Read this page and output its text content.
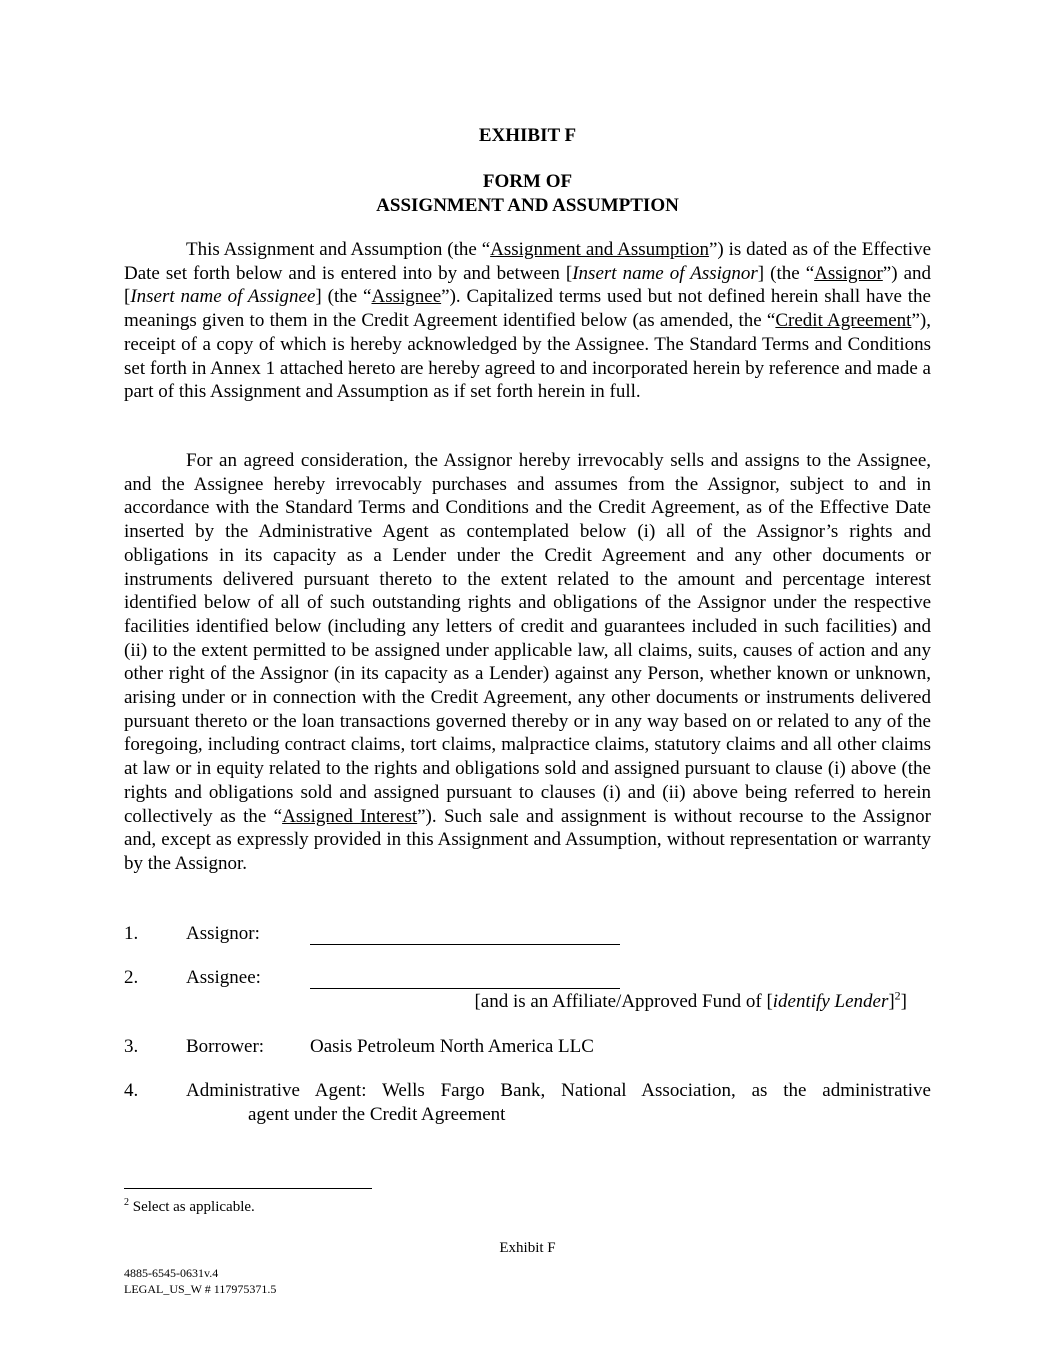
EXHIBIT F
FORM OF
ASSIGNMENT AND ASSUMPTION

This Assignment and Assumption (the “Assignment and Assumption”) is dated as of the Effective Date set forth below and is entered into by and between [Insert name of Assignor] (the “Assignor”) and [Insert name of Assignee] (the “Assignee”). Capitalized terms used but not defined herein shall have the meanings given to them in the Credit Agreement identified below (as amended, the “Credit Agreement”), receipt of a copy of which is hereby acknowledged by the Assignee. The Standard Terms and Conditions set forth in Annex 1 attached hereto are hereby agreed to and incorporated herein by reference and made a part of this Assignment and Assumption as if set forth herein in full.

For an agreed consideration, the Assignor hereby irrevocably sells and assigns to the Assignee, and the Assignee hereby irrevocably purchases and assumes from the Assignor, subject to and in accordance with the Standard Terms and Conditions and the Credit Agreement, as of the Effective Date inserted by the Administrative Agent as contemplated below (i) all of the Assignor’s rights and obligations in its capacity as a Lender under the Credit Agreement and any other documents or instruments delivered pursuant thereto to the extent related to the amount and percentage interest identified below of all of such outstanding rights and obligations of the Assignor under the respective facilities identified below (including any letters of credit and guarantees included in such facilities) and (ii) to the extent permitted to be assigned under applicable law, all claims, suits, causes of action and any other right of the Assignor (in its capacity as a Lender) against any Person, whether known or unknown, arising under or in connection with the Credit Agreement, any other documents or instruments delivered pursuant thereto or the loan transactions governed thereby or in any way based on or related to any of the foregoing, including contract claims, tort claims, malpractice claims, statutory claims and all other claims at law or in equity related to the rights and obligations sold and assigned pursuant to clause (i) above (the rights and obligations sold and assigned pursuant to clauses (i) and (ii) above being referred to herein collectively as the “Assigned Interest”). Such sale and assignment is without recourse to the Assignor and, except as expressly provided in this Assignment and Assumption, without representation or warranty by the Assignor.

1.	Assignor:
2.	Assignee:
[and is an Affiliate/Approved Fund of [identify Lender]$^2$]
3.	Borrower: Oasis Petroleum North America LLC
4.	Administrative Agent: Wells Fargo Bank, National Association, as the administrative
agent under the Credit Agreement
$^2$ Select as applicable.
Exhibit F
4885-6545-0631v.4
LEGAL_US_W # 117975371.5
